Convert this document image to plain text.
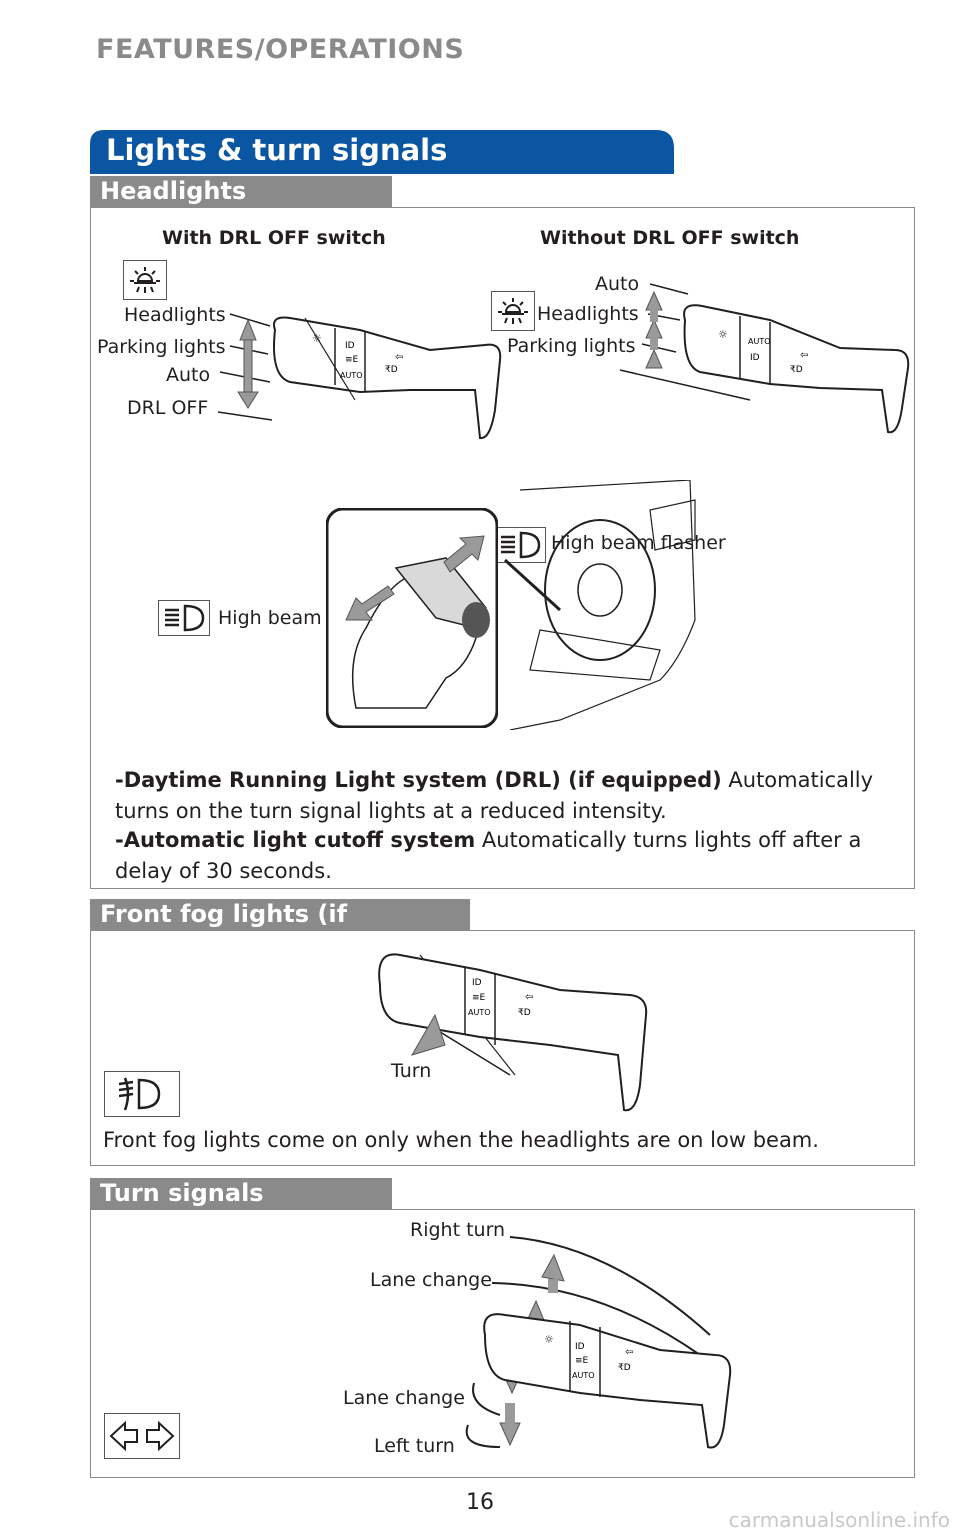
FEATURES/OPERATIONS
Lights & turn signals
Headlights
With DRL OFF switch	Without DRL OFF switch
Headlights
Parking lights
Auto
DRL OFF
☼
ID
≡E
AUTO
⇦
₹D
Auto
Headlights
Parking lights
☼
AUTO
ID	⇦
₹D
High beam flasher
High beam
-Daytime Running Light system (DRL) (if equipped) Automatically turns on the turn signal lights at a reduced intensity.
-Automatic light cutoff system Automatically turns lights off after a delay of 30 seconds.
Front fog lights (if equipped)
ID
≡E
AUTO
⇦
₹D
Turn
Front fog lights come on only when the headlights are on low beam.
Turn signals
Right turn
Lane change
Lane change
Left turn
☼
ID
≡E
AUTO
⇦
₹D
16
carmanualsonline.info
